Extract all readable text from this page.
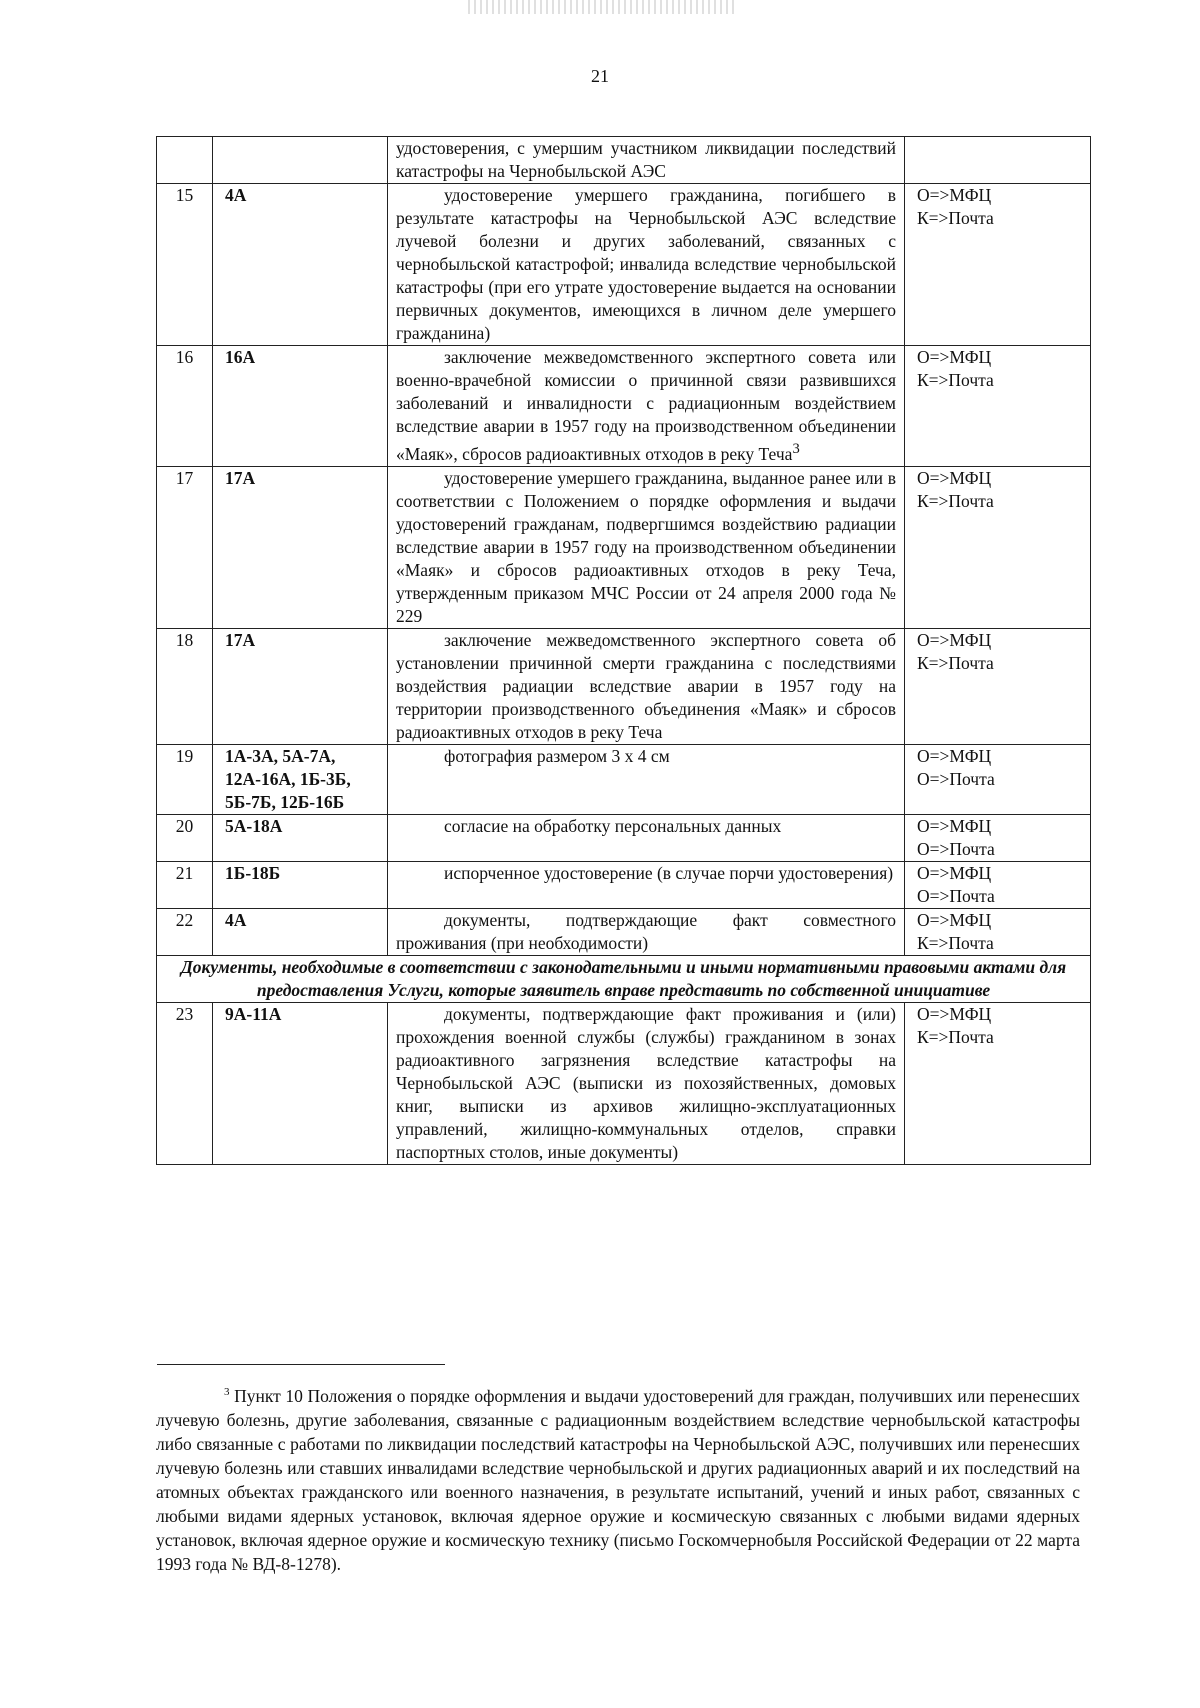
21
		удостоверения, с умершим участником ликвидации последствий катастрофы на Чернобыльской АЭС	
15	4А	удостоверение умершего гражданина, погибшего в результате катастрофы на Чернобыльской АЭС вследствие лучевой болезни и других заболеваний, связанных с чернобыльской катастрофой; инвалида вследствие чернобыльской катастрофы (при его утрате удостоверение выдается на основании первичных документов, имеющихся в личном деле умершего гражданина)	О=>МФЦ
К=>Почта
16	16А	заключение межведомственного экспертного совета или военно-врачебной комиссии о причинной связи развившихся заболеваний и инвалидности с радиационным воздействием вследствие аварии в 1957 году на производственном объединении «Маяк», сбросов радиоактивных отходов в реку Теча$^3$	О=>МФЦ
К=>Почта
17	17А	удостоверение умершего гражданина, выданное ранее или в соответствии с Положением о порядке оформления и выдачи удостоверений гражданам, подвергшимся воздействию радиации вследствие аварии в 1957 году на производственном объединении «Маяк» и сбросов радиоактивных отходов в реку Теча, утвержденным приказом МЧС России от 24 апреля 2000 года № 229	О=>МФЦ
К=>Почта
18	17А	заключение межведомственного экспертного совета об установлении причинной смерти гражданина с последствиями воздействия радиации вследствие аварии в 1957 году на территории производственного объединения «Маяк» и сбросов радиоактивных отходов в реку Теча	О=>МФЦ
К=>Почта
19	1А-3А, 5А-7А, 12А-16А, 1Б-3Б, 5Б-7Б, 12Б-16Б	фотография размером 3 х 4 см	О=>МФЦ
О=>Почта
20	5А-18А	согласие на обработку персональных данных	О=>МФЦ
О=>Почта
21	1Б-18Б	испорченное удостоверение (в случае порчи удостоверения)	О=>МФЦ
О=>Почта
22	4А	документы, подтверждающие факт совместного проживания (при необходимости)	О=>МФЦ
К=>Почта
Документы, необходимые в соответствии с законодательными и иными нормативными правовыми актами для предоставления Услуги, которые заявитель вправе представить по собственной инициативе			
23	9А-11А	документы, подтверждающие факт проживания и (или) прохождения военной службы (службы) гражданином в зонах радиоактивного загрязнения вследствие катастрофы на Чернобыльской АЭС (выписки из похозяйственных, домовых книг, выписки из архивов жилищно-эксплуатационных управлений, жилищно-коммунальных отделов, справки паспортных столов, иные документы)	О=>МФЦ
К=>Почта
$^3$ Пункт 10 Положения о порядке оформления и выдачи удостоверений для граждан, получивших или перенесших лучевую болезнь, другие заболевания, связанные с радиационным воздействием вследствие чернобыльской катастрофы либо связанные с работами по ликвидации последствий катастрофы на Чернобыльской АЭС, получивших или перенесших лучевую болезнь или ставших инвалидами вследствие чернобыльской и других радиационных аварий и их последствий на атомных объектах гражданского или военного назначения, в результате испытаний, учений и иных работ, связанных с любыми видами ядерных установок, включая ядерное оружие и космическую связанных с любыми видами ядерных установок, включая ядерное оружие и космическую технику (письмо Госкомчернобыля Российской Федерации от 22 марта 1993 года № ВД-8-1278).
